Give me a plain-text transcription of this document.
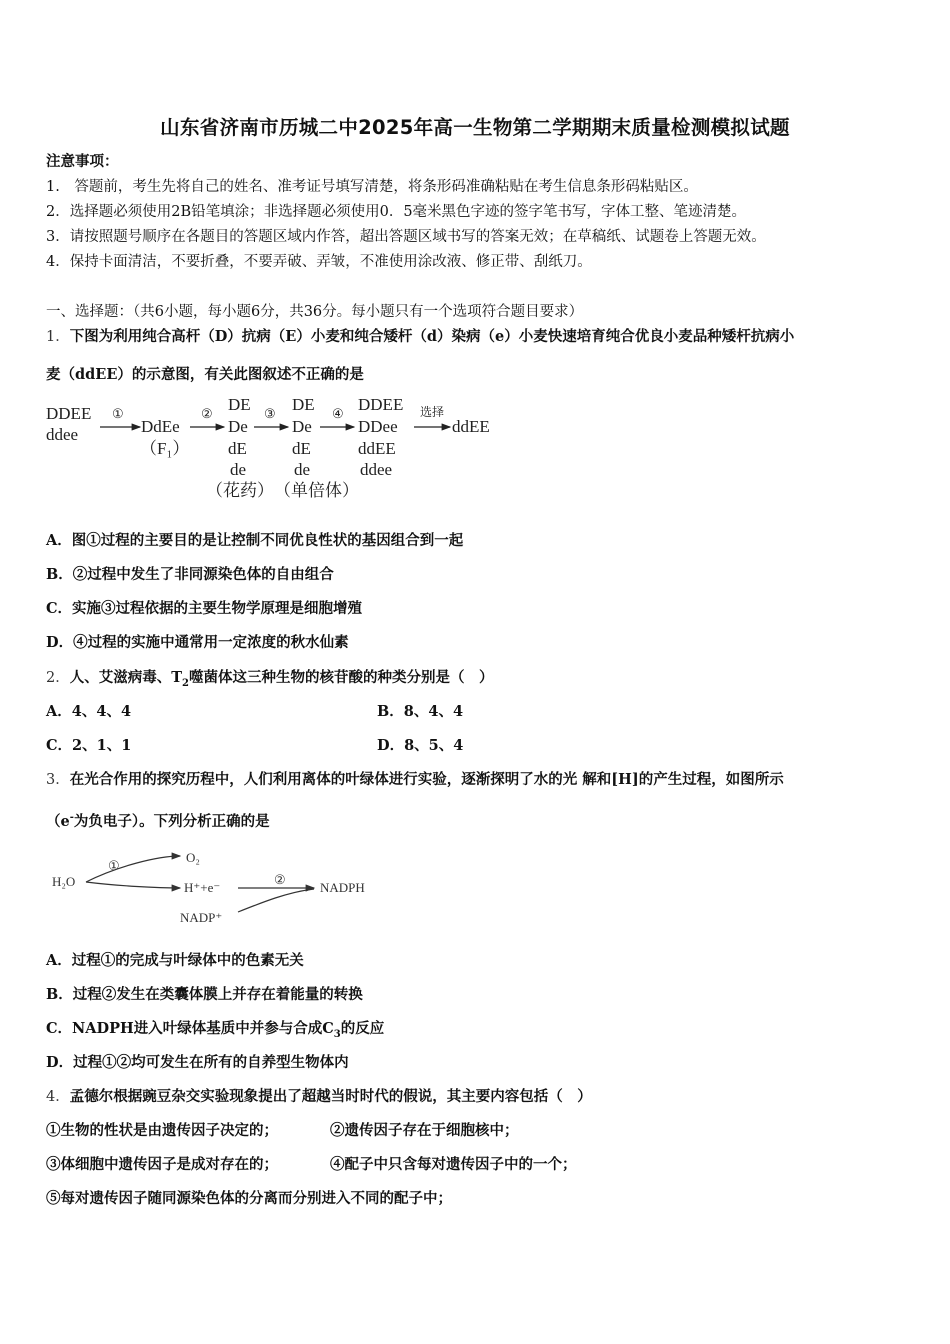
山东省济南市历城二中2025年高一生物第二学期期末质量检测模拟试题
注意事项：
1.　答题前，考生先将自己的姓名、准考证号填写清楚，将条形码准确粘贴在考生信息条形码粘贴区。
2．选择题必须使用2B铅笔填涂；非选择题必须使用0．5毫米黑色字迹的签字笔书写，字体工整、笔迹清楚。
3．请按照题号顺序在各题目的答题区域内作答，超出答题区域书写的答案无效；在草稿纸、试题卷上答题无效。
4．保持卡面清洁，不要折叠，不要弄破、弄皱，不准使用涂改液、修正带、刮纸刀。
一、选择题：（共6小题，每小题6分，共36分。每小题只有一个选项符合题目要求）
1．下图为利用纯合高杆（D）抗病（E）小麦和纯合矮杆（d）染病（e）小麦快速培育纯合优良小麦品种矮杆抗病小
麦（ddEE）的示意图，有关此图叙述不正确的是
DDEE
ddee
①
DdEe
（F₁）
② DE
De
dE
de
（花药）
③ DE
De
dE
de
（单倍体）
④ DDEE
DDee
ddEE
ddee
选择
ddEE
A．图①过程的主要目的是让控制不同优良性状的基因组合到一起
B．②过程中发生了非同源染色体的自由组合
C．实施③过程依据的主要生物学原理是细胞增殖
D．④过程的实施中通常用一定浓度的秋水仙素
2．人、艾滋病毒、$T_2$噬菌体这三种生物的核苷酸的种类分别是（　）
A．4、4、4	B．8、4、4
C．2、1、1	D．8、5、4
3．在光合作用的探究历程中，人们利用离体的叶绿体进行实验，逐渐探明了水的光 解和[H]的产生过程，如图所示
（e-为负电子）。下列分析正确的是
H₂O
①
O₂
H⁺+e⁻
②
NADPH
NADP⁺
A．过程①的完成与叶绿体中的色素无关
B．过程②发生在类囊体膜上并存在着能量的转换
C．NADPH进入叶绿体基质中并参与合成$C_3$的反应
D．过程①②均可发生在所有的自养型生物体内
4．孟德尔根据豌豆杂交实验现象提出了超越当时时代的假说，其主要内容包括（　）
①生物的性状是由遗传因子决定的；	②遗传因子存在于细胞核中；
③体细胞中遗传因子是成对存在的；	④配子中只含每对遗传因子中的一个；
⑤每对遗传因子随同源染色体的分离而分别进入不同的配子中；
